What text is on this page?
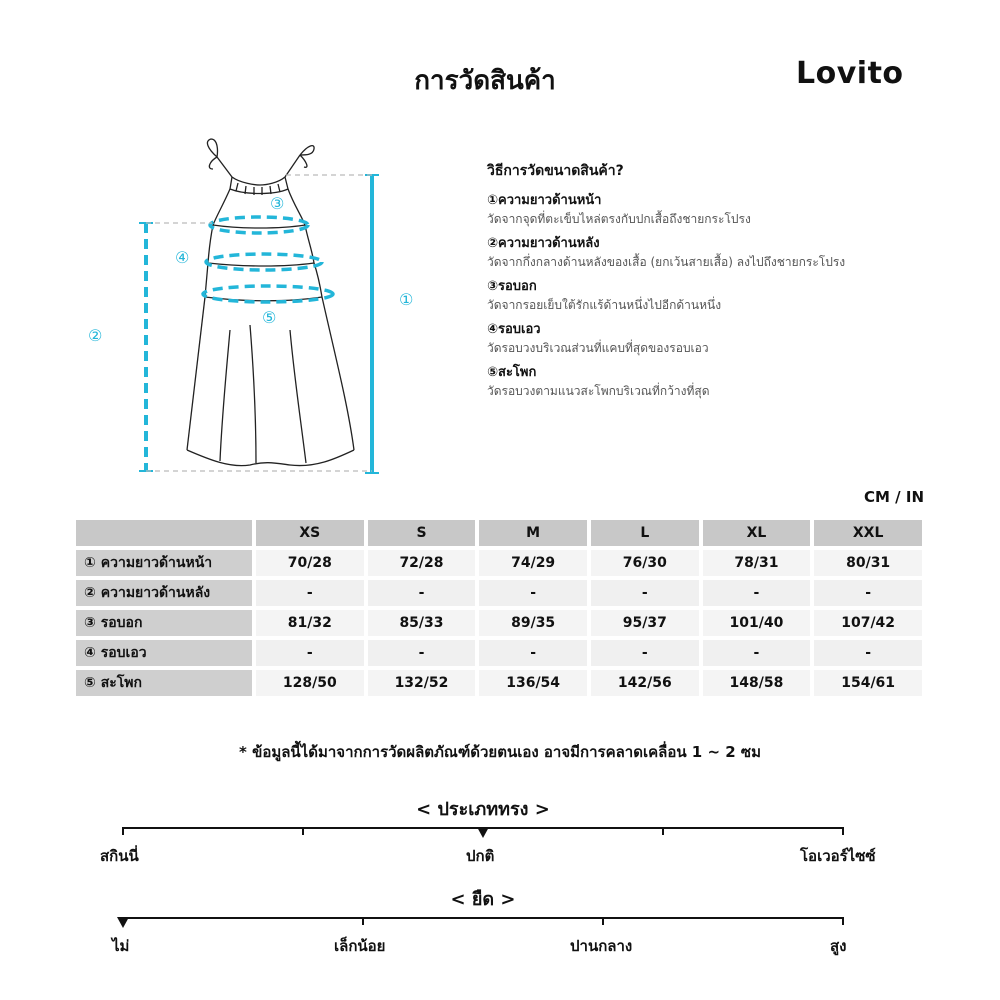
การวัดสินค้า	Lovito
③
④
⑤
②
①
วิธีการวัดขนาดสินค้า?
①ความยาวด้านหน้า
วัดจากจุดที่ตะเข็บไหล่ตรงกับปกเสื้อถึงชายกระโปรง
②ความยาวด้านหลัง
วัดจากกึ่งกลางด้านหลังของเสื้อ (ยกเว้นสายเสื้อ) ลงไปถึงชายกระโปรง
③รอบอก
วัดจากรอยเย็บใต้รักแร้ด้านหนึ่งไปอีกด้านหนึ่ง
④รอบเอว
วัดรอบวงบริเวณส่วนที่แคบที่สุดของรอบเอว
⑤สะโพก
วัดรอบวงตามแนวสะโพกบริเวณที่กว้างที่สุด
CM / IN
	XS	S	M	L	XL	XXL
① ความยาวด้านหน้า	70/28	72/28	74/29	76/30	78/31	80/31
② ความยาวด้านหลัง	-	-	-	-	-	-
③ รอบอก	81/32	85/33	89/35	95/37	101/40	107/42
④ รอบเอว	-	-	-	-	-	-
⑤ สะโพก	128/50	132/52	136/54	142/56	148/58	154/61
* ข้อมูลนี้ได้มาจากการวัดผลิตภัณฑ์ด้วยตนเอง อาจมีการคลาดเคลื่อน 1 ~ 2 ซม
< ประเภททรง >
สกินนี่	ปกติ	โอเวอร์ไซซ์
< ยืด >
ไม่	เล็กน้อย	ปานกลาง	สูง
